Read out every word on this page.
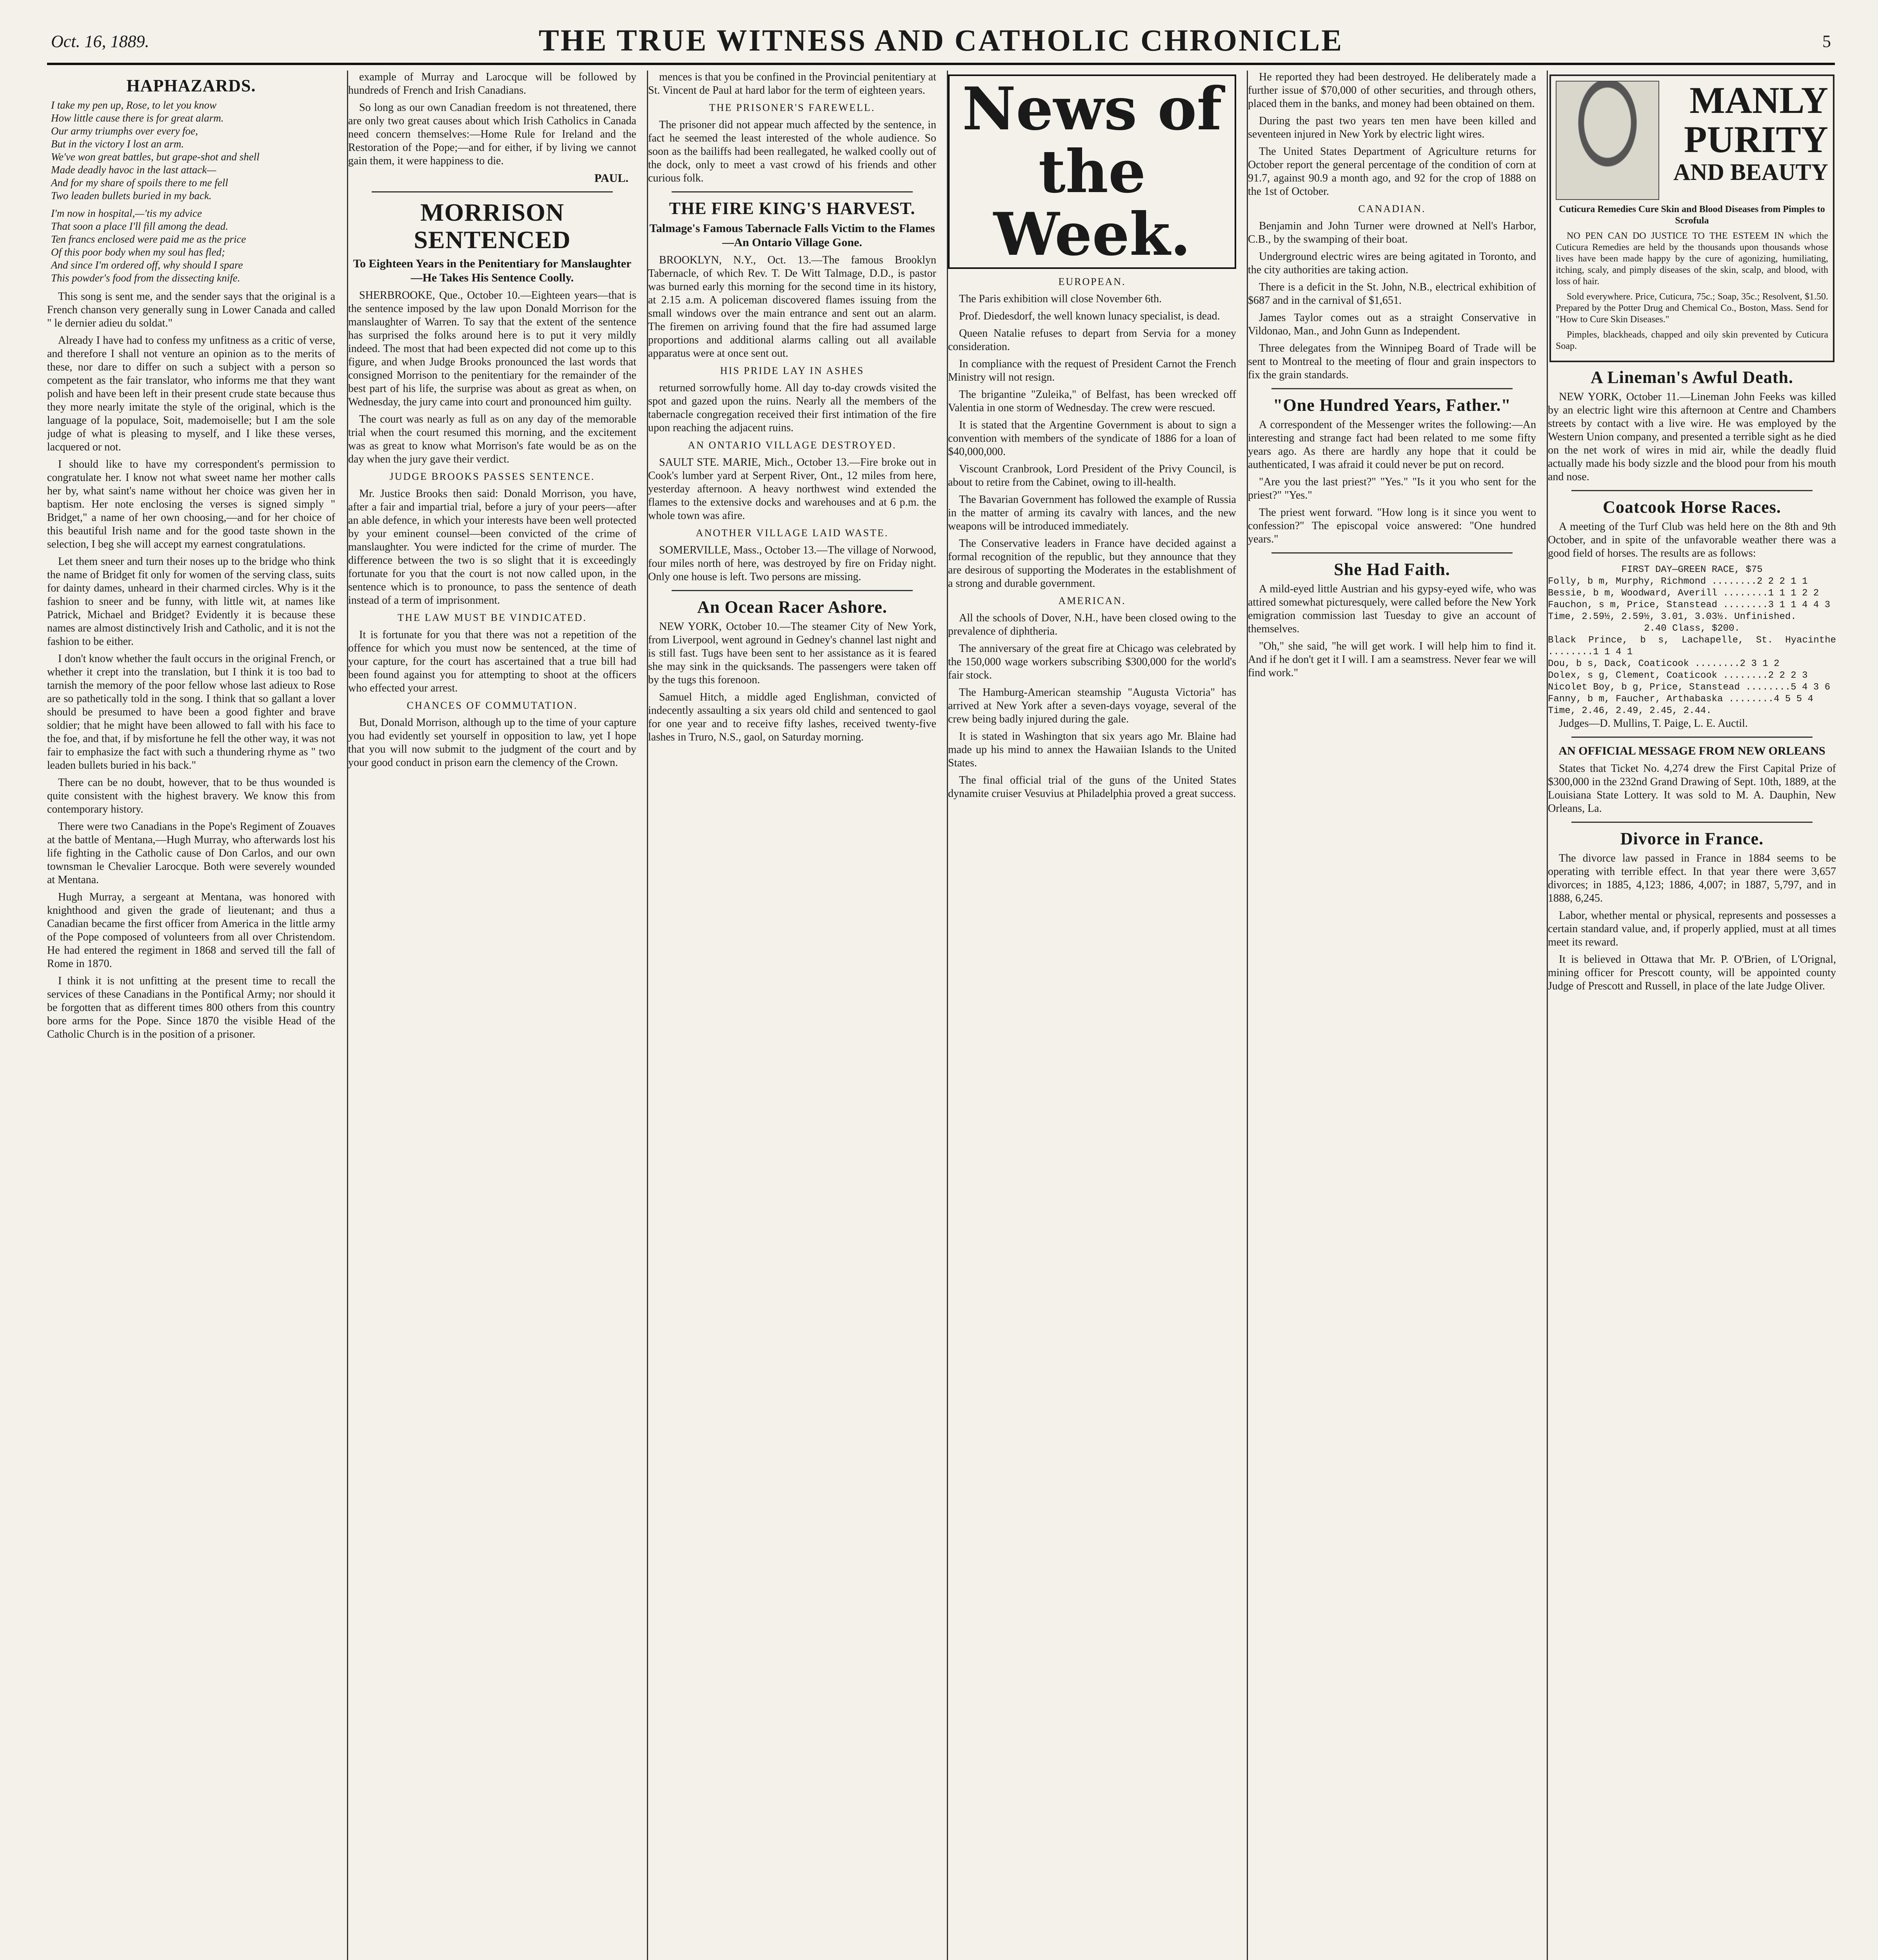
Oct. 16, 1889.	THE TRUE WITNESS AND CATHOLIC CHRONICLE	5
HAPHAZARDS.
I take my pen up, Rose, to let you know
How little cause there is for great alarm.
Our army triumphs over every foe,
But in the victory I lost an arm.
We've won great battles, but grape-shot and shell
Made deadly havoc in the last attack—
And for my share of spoils there to me fell
Two leaden bullets buried in my back.
I'm now in hospital,—'tis my advice
That soon a place I'll fill among the dead.
Ten francs enclosed were paid me as the price
Of this poor body when my soul has fled;
And since I'm ordered off, why should I spare
This powder's food from the dissecting knife.

This song is sent me, and the sender says that the original is a French chanson very generally sung in Lower Canada and called " le dernier adieu du soldat."

Already I have had to confess my unfitness as a critic of verse, and therefore I shall not venture an opinion as to the merits of these, nor dare to differ on such a subject with a person so competent as the fair translator, who informs me that they want polish and have been left in their present crude state because thus they more nearly imitate the style of the original, which is the language of la populace, Soit, mademoiselle; but I am the sole judge of what is pleasing to myself, and I like these verses, lacquered or not.

I should like to have my correspondent's permission to congratulate her. I know not what sweet name her mother calls her by, what saint's name without her choice was given her in baptism. Her note enclosing the verses is signed simply " Bridget," a name of her own choosing,—and for her choice of this beautiful Irish name and for the good taste shown in the selection, I beg she will accept my earnest congratulations.

Let them sneer and turn their noses up to the bridge who think the name of Bridget fit only for women of the serving class, suits for dainty dames, unheard in their charmed circles. Why is it the fashion to sneer and be funny, with little wit, at names like Patrick, Michael and Bridget? Evidently it is because these names are almost distinctively Irish and Catholic, and it is not the fashion to be either.

I don't know whether the fault occurs in the original French, or whether it crept into the translation, but I think it is too bad to tarnish the memory of the poor fellow whose last adieux to Rose are so pathetically told in the song. I think that so gallant a lover should be presumed to have been a good fighter and brave soldier; that he might have been allowed to fall with his face to the foe, and that, if by misfortune he fell the other way, it was not fair to emphasize the fact with such a thundering rhyme as " two leaden bullets buried in his back."

There can be no doubt, however, that to be thus wounded is quite consistent with the highest bravery. We know this from contemporary history.

There were two Canadians in the Pope's Regiment of Zouaves at the battle of Mentana,—Hugh Murray, who afterwards lost his life fighting in the Catholic cause of Don Carlos, and our own townsman le Chevalier Larocque. Both were severely wounded at Mentana.

Hugh Murray, a sergeant at Mentana, was honored with knighthood and given the grade of lieutenant; and thus a Canadian became the first officer from America in the little army of the Pope composed of volunteers from all over Christendom. He had entered the regiment in 1868 and served till the fall of Rome in 1870.

I think it is not unfitting at the present time to recall the services of these Canadians in the Pontifical Army; nor should it be forgotten that as different times 800 others from this country bore arms for the Pope. Since 1870 the visible Head of the Catholic Church is in the position of a prisoner.

example of Murray and Larocque will be followed by hundreds of French and Irish Canadians.

So long as our own Canadian freedom is not threatened, there are only two great causes about which Irish Catholics in Canada need concern themselves:—Home Rule for Ireland and the Restoration of the Pope;—and for either, if by living we cannot gain them, it were happiness to die.

PAUL.
MORRISON SENTENCED
To Eighteen Years in the Penitentiary for Manslaughter—He Takes His Sentence Coolly.

SHERBROOKE, Que., October 10.—Eighteen years—that is the sentence imposed by the law upon Donald Morrison for the manslaughter of Warren. To say that the extent of the sentence has surprised the folks around here is to put it very mildly indeed. The most that had been expected did not come up to this figure, and when Judge Brooks pronounced the last words that consigned Morrison to the penitentiary for the remainder of the best part of his life, the surprise was about as great as when, on Wednesday, the jury came into court and pronounced him guilty.

The court was nearly as full as on any day of the memorable trial when the court resumed this morning, and the excitement was as great to know what Morrison's fate would be as on the day when the jury gave their verdict.

JUDGE BROOKS PASSES SENTENCE.

Mr. Justice Brooks then said: Donald Morrison, you have, after a fair and impartial trial, before a jury of your peers—after an able defence, in which your interests have been well protected by your eminent counsel—been convicted of the crime of manslaughter. You were indicted for the crime of murder. The difference between the two is so slight that it is exceedingly fortunate for you that the court is not now called upon, in the sentence which is to pronounce, to pass the sentence of death instead of a term of imprisonment.

THE LAW MUST BE VINDICATED.

It is fortunate for you that there was not a repetition of the offence for which you must now be sentenced, at the time of your capture, for the court has ascertained that a true bill had been found against you for attempting to shoot at the officers who effected your arrest.

CHANCES OF COMMUTATION.

But, Donald Morrison, although up to the time of your capture you had evidently set yourself in opposition to law, yet I hope that you will now submit to the judgment of the court and by your good conduct in prison earn the clemency of the Crown.

mences is that you be confined in the Provincial penitentiary at St. Vincent de Paul at hard labor for the term of eighteen years.

THE PRISONER'S FAREWELL.

The prisoner did not appear much affected by the sentence, in fact he seemed the least interested of the whole audience. So soon as the bailiffs had been reallegated, he walked coolly out of the dock, only to meet a vast crowd of his friends and other curious folk.

THE FIRE KING'S HARVEST.
Talmage's Famous Tabernacle Falls Victim to the Flames—An Ontario Village Gone.

BROOKLYN, N.Y., Oct. 13.—The famous Brooklyn Tabernacle, of which Rev. T. De Witt Talmage, D.D., is pastor was burned early this morning for the second time in its history, at 2.15 a.m. A policeman discovered flames issuing from the small windows over the main entrance and sent out an alarm. The firemen on arriving found that the fire had assumed large proportions and additional alarms calling out all available apparatus were at once sent out.

HIS PRIDE LAY IN ASHES

returned sorrowfully home. All day to-day crowds visited the spot and gazed upon the ruins. Nearly all the members of the tabernacle congregation received their first intimation of the fire upon reaching the adjacent ruins.

AN ONTARIO VILLAGE DESTROYED.

SAULT STE. MARIE, Mich., October 13.—Fire broke out in Cook's lumber yard at Serpent River, Ont., 12 miles from here, yesterday afternoon. A heavy northwest wind extended the flames to the extensive docks and warehouses and at 6 p.m. the whole town was afire.

ANOTHER VILLAGE LAID WASTE.

SOMERVILLE, Mass., October 13.—The village of Norwood, four miles north of here, was destroyed by fire on Friday night. Only one house is left. Two persons are missing.

An Ocean Racer Ashore.

NEW YORK, October 10.—The steamer City of New York, from Liverpool, went aground in Gedney's channel last night and is still fast. Tugs have been sent to her assistance as it is feared she may sink in the quicksands. The passengers were taken off by the tugs this forenoon.

Samuel Hitch, a middle aged Englishman, convicted of indecently assaulting a six years old child and sentenced to gaol for one year and to receive fifty lashes, received twenty-five lashes in Truro, N.S., gaol, on Saturday morning.

News of the Week.
EUROPEAN.

The Paris exhibition will close November 6th.

Prof. Diedesdorf, the well known lunacy specialist, is dead.

Queen Natalie refuses to depart from Servia for a money consideration.

In compliance with the request of President Carnot the French Ministry will not resign.

The brigantine "Zuleika," of Belfast, has been wrecked off Valentia in one storm of Wednesday. The crew were rescued.

It is stated that the Argentine Government is about to sign a convention with members of the syndicate of 1886 for a loan of $40,000,000.

Viscount Cranbrook, Lord President of the Privy Council, is about to retire from the Cabinet, owing to ill-health.

The Bavarian Government has followed the example of Russia in the matter of arming its cavalry with lances, and the new weapons will be introduced immediately.

The Conservative leaders in France have decided against a formal recognition of the republic, but they announce that they are desirous of supporting the Moderates in the establishment of a strong and durable government.

AMERICAN.

All the schools of Dover, N.H., have been closed owing to the prevalence of diphtheria.

The anniversary of the great fire at Chicago was celebrated by the 150,000 wage workers subscribing $300,000 for the world's fair stock.

The Hamburg-American steamship "Augusta Victoria" has arrived at New York after a seven-days voyage, several of the crew being badly injured during the gale.

It is stated in Washington that six years ago Mr. Blaine had made up his mind to annex the Hawaiian Islands to the United States.

The final official trial of the guns of the United States dynamite cruiser Vesuvius at Philadelphia proved a great success.

He reported they had been destroyed. He deliberately made a further issue of $70,000 of other securities, and through others, placed them in the banks, and money had been obtained on them.

During the past two years ten men have been killed and seventeen injured in New York by electric light wires.

The United States Department of Agriculture returns for October report the general percentage of the condition of corn at 91.7, against 90.9 a month ago, and 92 for the crop of 1888 on the 1st of October.

CANADIAN.

Benjamin and John Turner were drowned at Nell's Harbor, C.B., by the swamping of their boat.

Underground electric wires are being agitated in Toronto, and the city authorities are taking action.

There is a deficit in the St. John, N.B., electrical exhibition of $687 and in the carnival of $1,651.

James Taylor comes out as a straight Conservative in Vildonao, Man., and John Gunn as Independent.

Three delegates from the Winnipeg Board of Trade will be sent to Montreal to the meeting of flour and grain inspectors to fix the grain standards.

"One Hundred Years, Father."

A correspondent of the Messenger writes the following:—An interesting and strange fact had been related to me some fifty years ago. As there are hardly any hope that it could be authenticated, I was afraid it could never be put on record.

"Are you the last priest?" "Yes." "Is it you who sent for the priest?" "Yes."

The priest went forward. "How long is it since you went to confession?" The episcopal voice answered: "One hundred years."

She Had Faith.

A mild-eyed little Austrian and his gypsy-eyed wife, who was attired somewhat picturesquely, were called before the New York emigration commission last Tuesday to give an account of themselves.

"Oh," she said, "he will get work. I will help him to find it. And if he don't get it I will. I am a seamstress. Never fear we will find work."

MANLY
PURITY
AND BEAUTY
Cuticura Remedies Cure Skin and Blood Diseases from Pimples to Scrofula

NO PEN CAN DO JUSTICE TO THE ESTEEM IN which the Cuticura Remedies are held by the thousands upon thousands whose lives have been made happy by the cure of agonizing, humiliating, itching, scaly, and pimply diseases of the skin, scalp, and blood, with loss of hair.

Sold everywhere. Price, Cuticura, 75c.; Soap, 35c.; Resolvent, $1.50. Prepared by the Potter Drug and Chemical Co., Boston, Mass. Send for "How to Cure Skin Diseases."

Pimples, blackheads, chapped and oily skin prevented by Cuticura Soap.

A Lineman's Awful Death.

NEW YORK, October 11.—Lineman John Feeks was killed by an electric light wire this afternoon at Centre and Chambers streets by contact with a live wire. He was employed by the Western Union company, and presented a terrible sight as he died on the net work of wires in mid air, while the deadly fluid actually made his body sizzle and the blood pour from his mouth and nose.

Coatcook Horse Races.

A meeting of the Turf Club was held here on the 8th and 9th October, and in spite of the unfavorable weather there was a good field of horses. The results are as follows:

FIRST DAY—GREEN RACE, $75
Folly, b m, Murphy, Richmond ........2 2 2 1 1
Bessie, b m, Woodward, Averill ........1 1 1 2 2
Fauchon, s m, Price, Stanstead ........3 1 1 4 4 3
Time, 2.59½, 2.59½, 3.01, 3.03½. Unfinished.
2.40 Class, $200.
Black Prince, b s, Lachapelle, St. Hyacinthe ........1 1 4 1
Dou, b s, Dack, Coaticook ........2 3 1 2
Dolex, s g, Clement, Coaticook ........2 2 2 3
Nicolet Boy, b g, Price, Stanstead ........5 4 3 6
Fanny, b m, Faucher, Arthabaska ........4 5 5 4
Time, 2.46, 2.49, 2.45, 2.44.

Judges—D. Mullins, T. Paige, L. E. Auctil.

AN OFFICIAL MESSAGE FROM NEW ORLEANS

States that Ticket No. 4,274 drew the First Capital Prize of $300,000 in the 232nd Grand Drawing of Sept. 10th, 1889, at the Louisiana State Lottery. It was sold to M. A. Dauphin, New Orleans, La.

Divorce in France.

The divorce law passed in France in 1884 seems to be operating with terrible effect. In that year there were 3,657 divorces; in 1885, 4,123; 1886, 4,007; in 1887, 5,797, and in 1888, 6,245.

Labor, whether mental or physical, represents and possesses a certain standard value, and, if properly applied, must at all times meet its reward.

It is believed in Ottawa that Mr. P. O'Brien, of L'Orignal, mining officer for Prescott county, will be appointed county Judge of Prescott and Russell, in place of the late Judge Oliver.
